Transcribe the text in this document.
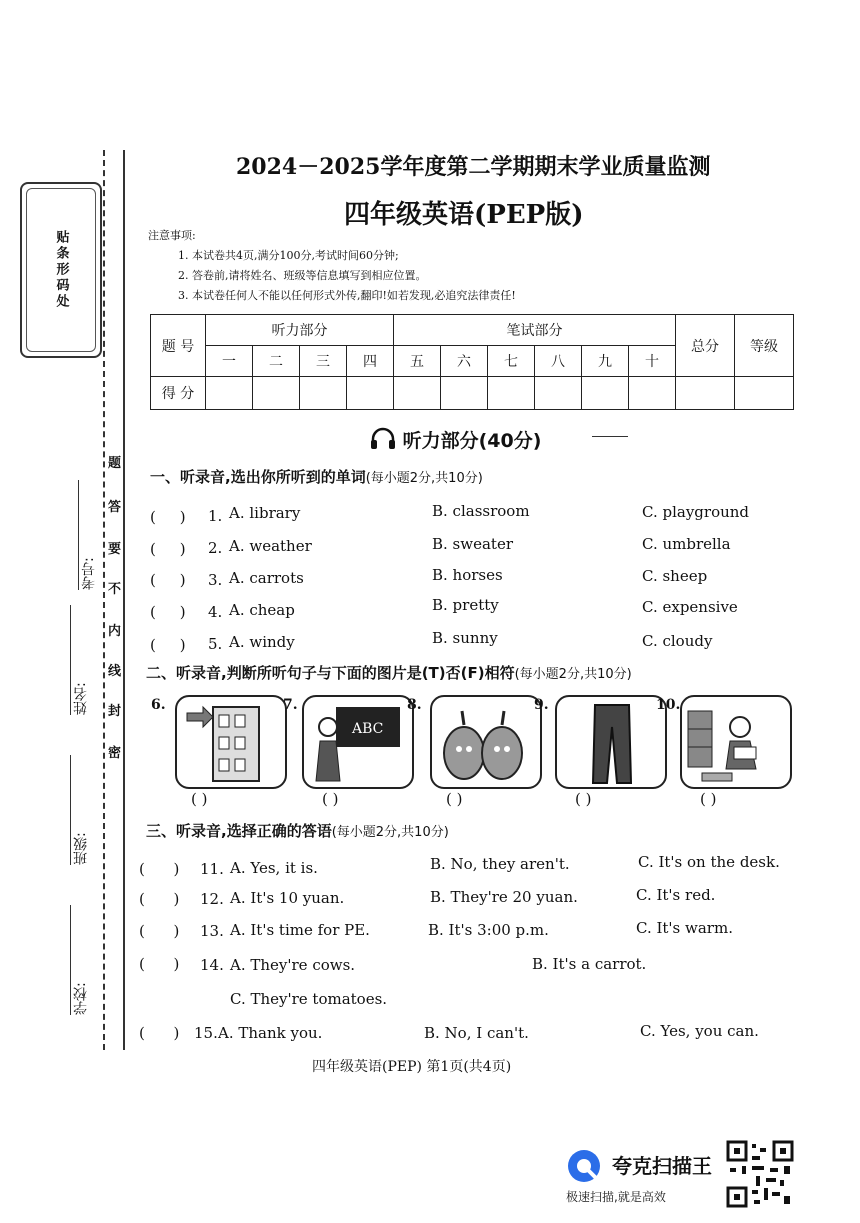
贴条形码处
考号:
姓名:
班级:
学校:
题
答
要
不
内
线
封
密
2024－2025学年度第二学期期末学业质量监测
四年级英语(PEP版)
注意事项:
1. 本试卷共4页,满分100分,考试时间60分钟;
2. 答卷前,请将姓名、班级等信息填写到相应位置。
3. 本试卷任何人不能以任何形式外传,翻印!如若发现,必追究法律责任!
题 号	听力部分				笔试部分						总分	等级
	一	二	三	四	五	六	七	八	九	十		
得 分												
听力部分(40分)
一、听录音,选出你所听到的单词(每小题2分,共10分)
(     ) 1. A. library	B. classroom	C. playground
(     ) 2. A. weather	B. sweater	C. umbrella
(     ) 3. A. carrots	B. horses	C. sheep
(     ) 4. A. cheap	B. pretty	C. expensive
(     ) 5. A. windy	B. sunny	C. cloudy
二、听录音,判断所听句子与下面的图片是(T)否(F)相符(每小题2分,共10分)
6.
( )
7.
ABC
( )
8.
( )
9.
( )
10.
( )
三、听录音,选择正确的答语(每小题2分,共10分)
(      ) 11. A. Yes, it is.	B. No, they aren't.	C. It's on the desk.
(      ) 12. A. It's 10 yuan.	B. They're 20 yuan.	C. It's red.
(      ) 13. A. It's time for PE.	B. It's 3:00 p.m.	C. It's warm.
(      ) 14. A. They're cows.	B. It's a carrot.
C. They're tomatoes.
(      ) 15. A. Thank you.	B. No, I can't.	C. Yes, you can.
四年级英语(PEP) 第1页(共4页)
夸克扫描王
极速扫描,就是高效
